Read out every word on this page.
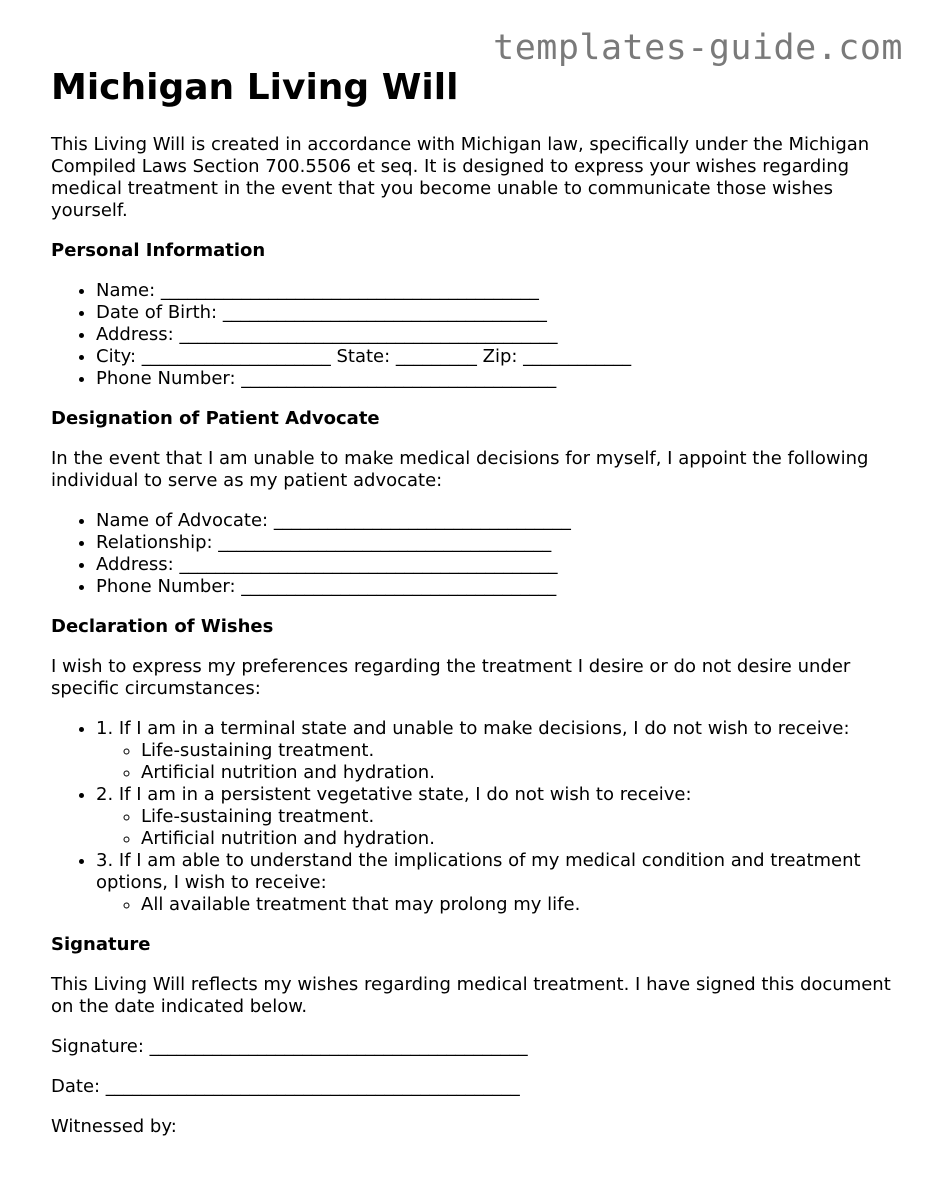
templates-guide.com
Michigan Living Will

This Living Will is created in accordance with Michigan law, specifically under the Michigan Compiled Laws Section 700.5506 et seq. It is designed to express your wishes regarding medical treatment in the event that you become unable to communicate those wishes yourself.

Personal Information
• Name: __________________________________________
• Date of Birth: ____________________________________
• Address: __________________________________________
• City: _____________________ State: _________ Zip: ____________
• Phone Number: ___________________________________
Designation of Patient Advocate

In the event that I am unable to make medical decisions for myself, I appoint the following individual to serve as my patient advocate:

• Name of Advocate: _________________________________
• Relationship: _____________________________________
• Address: __________________________________________
• Phone Number: ___________________________________
Declaration of Wishes

I wish to express my preferences regarding the treatment I desire or do not desire under specific circumstances:

• 1. If I am in a terminal state and unable to make decisions, I do not wish to receive:
◦ Life-sustaining treatment.
◦ Artificial nutrition and hydration.
• 2. If I am in a persistent vegetative state, I do not wish to receive:
◦ Life-sustaining treatment.
◦ Artificial nutrition and hydration.
• 3. If I am able to understand the implications of my medical condition and treatment options, I wish to receive:
◦ All available treatment that may prolong my life.
Signature

This Living Will reflects my wishes regarding medical treatment. I have signed this document on the date indicated below.

Signature: __________________________________________

Date: ______________________________________________

Witnessed by:
